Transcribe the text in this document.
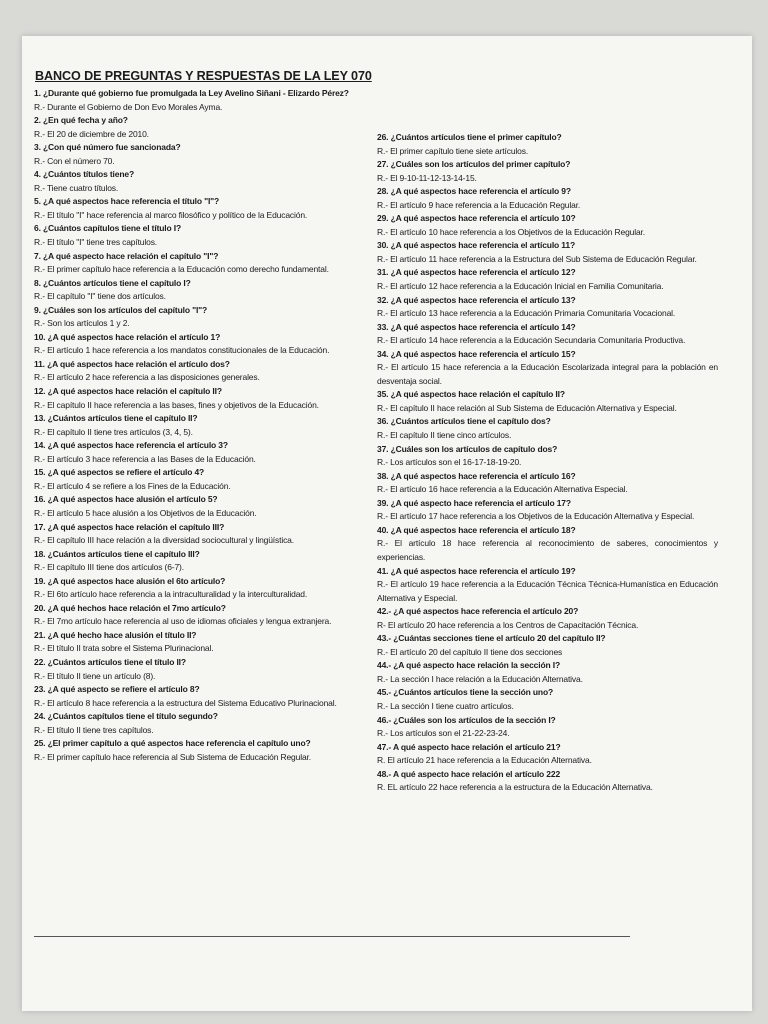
BANCO DE PREGUNTAS Y RESPUESTAS DE LA LEY 070

1. ¿Durante qué gobierno fue promulgada la Ley Avelino Siñani - Elizardo Pérez?

R.- Durante el Gobierno de Don Evo Morales Ayma.

2. ¿En qué fecha y año?

R.- El 20 de diciembre de 2010.

3. ¿Con qué número fue sancionada?

R.- Con el número 70.

4. ¿Cuántos títulos tiene?

R.- Tiene cuatro títulos.

5. ¿A qué aspectos hace referencia el título "I"?

R.- El título "I" hace referencia al marco filosófico y político de la Educación.

6. ¿Cuántos capítulos tiene el título I?

R.- El título "I" tiene tres capítulos.

7. ¿A qué aspecto hace relación el capítulo "I"?

R.- El primer capítulo hace referencia a la Educación como derecho fundamental.

8. ¿Cuántos artículos tiene el capítulo I?

R.- El capítulo "I" tiene dos artículos.

9. ¿Cuáles son los artículos del capítulo "I"?

R.- Son los artículos 1 y 2.

10. ¿A qué aspectos hace relación el artículo 1?

R.- El artículo 1 hace referencia a los mandatos constitucionales de la Educación.

11. ¿A qué aspectos hace relación el artículo dos?

R.- El artículo 2 hace referencia a las disposiciones generales.

12. ¿A qué aspectos hace relación el capítulo II?

R.- El capítulo II hace referencia a las bases, fines y objetivos de la Educación.

13. ¿Cuántos artículos tiene el capítulo II?

R.- El capítulo II tiene tres artículos (3, 4, 5).

14. ¿A qué aspectos hace referencia el artículo 3?

R.- El artículo 3 hace referencia a las Bases de la Educación.

15. ¿A qué aspectos se refiere el artículo 4?

R.- El artículo 4 se refiere a los Fines de la Educación.

16. ¿A qué aspectos hace alusión el artículo 5?

R.- El artículo 5 hace alusión a los Objetivos de la Educación.

17. ¿A qué aspectos hace relación el capítulo III?

R.- El capítulo III hace relación a la diversidad sociocultural y lingüística.

18. ¿Cuántos artículos tiene el capítulo III?

R.- El capítulo III tiene dos artículos (6-7).

19. ¿A qué aspectos hace alusión el 6to artículo?

R.- El 6to artículo hace referencia a la intraculturalidad y la interculturalidad.

20. ¿A qué hechos hace relación el 7mo artículo?

R.- El 7mo artículo hace referencia al uso de idiomas oficiales y lengua extranjera.

21. ¿A qué hecho hace alusión el título II?

R.- El título II trata sobre el Sistema Plurinacional.

22. ¿Cuántos artículos tiene el título II?

R.- El título II tiene un artículo (8).

23. ¿A qué aspecto se refiere el artículo 8?

R.- El artículo 8 hace referencia a la estructura del Sistema Educativo Plurinacional.

24. ¿Cuántos capítulos tiene el título segundo?

R.- El título II tiene tres capítulos.

25. ¿El primer capítulo a qué aspectos hace referencia el capítulo uno?

R.- El primer capítulo hace referencia al Sub Sistema de Educación Regular.

26. ¿Cuántos artículos tiene el primer capítulo?

R.- El primer capítulo tiene siete artículos.

27. ¿Cuáles son los artículos del primer capítulo?

R.- El 9-10-11-12-13-14-15.

28. ¿A qué aspectos hace referencia el artículo 9?

R.- El artículo 9 hace referencia a la Educación Regular.

29. ¿A qué aspectos hace referencia el artículo 10?

R.- El artículo 10 hace referencia a los Objetivos de la Educación Regular.

30. ¿A qué aspectos hace referencia el artículo 11?

R.- El artículo 11 hace referencia a la Estructura del Sub Sistema de Educación Regular.

31. ¿A qué aspectos hace referencia el artículo 12?

R.- El artículo 12 hace referencia a la Educación Inicial en Familia Comunitaria.

32. ¿A qué aspectos hace referencia el artículo 13?

R.- El artículo 13 hace referencia a la Educación Primaria Comunitaria Vocacional.

33. ¿A qué aspectos hace referencia el artículo 14?

R.- El artículo 14 hace referencia a la Educación Secundaria Comunitaria Productiva.

34. ¿A qué aspectos hace referencia el artículo 15?

R.- El artículo 15 hace referencia a la Educación Escolarizada integral para la población en desventaja social.

35. ¿A qué aspectos hace relación el capítulo II?

R.- El capítulo II hace relación al Sub Sistema de Educación Alternativa y Especial.

36. ¿Cuántos artículos tiene el capítulo dos?

R.- El capítulo II tiene cinco artículos.

37. ¿Cuáles son los artículos de capítulo dos?

R.- Los artículos son el 16-17-18-19-20.

38. ¿A qué aspectos hace referencia el artículo 16?

R.- El artículo 16 hace referencia a la Educación Alternativa Especial.

39. ¿A qué aspecto hace referencia el artículo 17?

R.- El artículo 17 hace referencia a los Objetivos de la Educación Alternativa y Especial.

40. ¿A qué aspectos hace referencia el artículo 18?

R.- El artículo 18 hace referencia al reconocimiento de saberes, conocimientos y experiencias.

41. ¿A qué aspectos hace referencia el artículo 19?

R.- El artículo 19 hace referencia a la Educación Técnica Técnica-Humanística en Educación Alternativa y Especial.

42.- ¿A qué aspectos hace referencia el artículo 20?

R- El artículo 20 hace referencia a los Centros de Capacitación Técnica.

43.- ¿Cuántas secciones tiene el artículo 20 del capítulo II?

R.- El artículo 20 del capítulo II tiene dos secciones

44.- ¿A qué aspecto hace relación la sección I?

R.- La sección I hace relación a la Educación Alternativa.

45.- ¿Cuántos artículos tiene la sección uno?

R.- La sección I tiene cuatro artículos.

46.- ¿Cuáles son los artículos de la sección I?

R.- Los artículos son el 21-22-23-24.

47.- A qué aspecto hace relación el artículo 21?

R. El artículo 21 hace referencia a la Educación Alternativa.

48.- A qué aspecto hace relación el artículo 222

R. EL artículo 22 hace referencia a la estructura de la Educación Alternativa.
